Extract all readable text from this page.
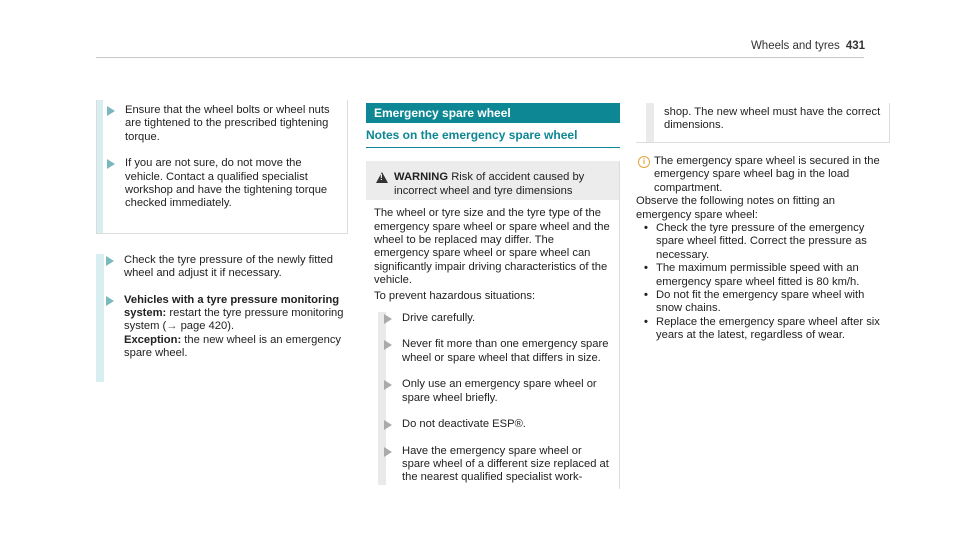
Wheels and tyres 431

Ensure that the wheel bolts or wheel nuts are tightened to the prescribed tightening torque.

If you are not sure, do not move the vehicle. Contact a qualified specialist workshop and have the tightening torque checked immediately.

Check the tyre pressure of the newly fitted wheel and adjust it if necessary.

Vehicles with a tyre pressure monitoring system: restart the tyre pressure monitoring system (→ page 420).
Exception: the new wheel is an emergency spare wheel.

Emergency spare wheel
Notes on the emergency spare wheel
!
WARNING Risk of accident caused by incorrect wheel and tyre dimensions
The wheel or tyre size and the tyre type of the emergency spare wheel or spare wheel and the wheel to be replaced may differ. The emergency spare wheel or spare wheel can significantly impair driving characteristics of the vehicle.
To prevent hazardous situations:

Drive carefully.

Never fit more than one emergency spare wheel or spare wheel that differs in size.

Only use an emergency spare wheel or spare wheel briefly.

Do not deactivate ESP®.

Have the emergency spare wheel or spare wheel of a different size replaced at the nearest qualified specialist work-

shop. The new wheel must have the correct dimensions.
i The emergency spare wheel is secured in the emergency spare wheel bag in the load compartment.
Observe the following notes on fitting an emergency spare wheel:
• Check the tyre pressure of the emergency spare wheel fitted. Correct the pressure as necessary.
• The maximum permissible speed with an emergency spare wheel fitted is 80 km/h.
• Do not fit the emergency spare wheel with snow chains.
• Replace the emergency spare wheel after six years at the latest, regardless of wear.
